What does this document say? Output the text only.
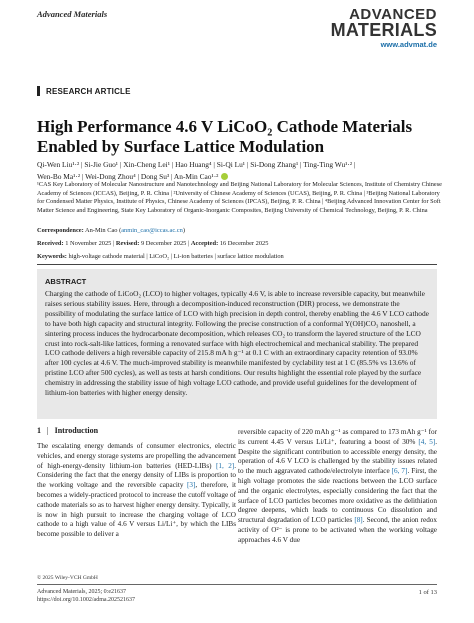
Advanced Materials	ADVANCED
MATERIALS
www.advmat.de
RESEARCH ARTICLE
High Performance 4.6 V LiCoO₂ Cathode Materials Enabled by Surface Lattice Modulation
Qi-Wen Liu¹·² | Si-Jie Guo¹ | Xin-Cheng Lei¹ | Hao Huang⁴ | Si-Qi Lu¹ | Si-Dong Zhang¹ | Ting-Ting Wu¹·² |
Wen-Bo Ma¹·² | Wei-Dong Zhou⁴ | Dong Su³ | An-Min Cao¹·²
¹CAS Key Laboratory of Molecular Nanostructure and Nanotechnology and Beijing National Laboratory for Molecular Sciences, Institute of Chemistry Chinese Academy of Sciences (ICCAS), Beijing, P. R. China | ²University of Chinese Academy of Sciences (UCAS), Beijing, P. R. China | ³Beijing National Laboratory for Condensed Matter Physics, Institute of Physics, Chinese Academy of Sciences (IPCAS), Beijing, P. R. China | ⁴Beijing Advanced Innovation Center for Soft Matter Science and Engineering, State Key Laboratory of Organic-Inorganic Composites, Beijing University of Chemical Technology, Beijing, P. R. China
Correspondence: An-Min Cao (anmin_cao@iccas.ac.cn)
Received: 1 November 2025 | Revised: 9 December 2025 | Accepted: 16 December 2025
Keywords: high-voltage cathode material | LiCoO₂ | Li-ion batteries | surface lattice modulation
ABSTRACT
Charging the cathode of LiCoO₂ (LCO) to higher voltages, typically 4.6 V, is able to increase reversible capacity, but meanwhile raises serious stability issues. Here, through a decomposition-induced reconstruction (DIR) process, we demonstrate the possibility of modulating the surface lattice of LCO with high precision in depth control, thereby enabling the 4.6 V LCO cathode to have both high capacity and structural integrity. Following the precise construction of a conformal Y(OH)CO₃ nanoshell, a sintering process induces the hydrocarbonate decomposition, which releases CO₂ to transform the layered structure of the LCO crust into rock-salt-like lattices, forming a renovated surface with high electrochemical and mechanical stability. The prepared LCO cathode delivers a high reversible capacity of 215.8 mA h g⁻¹ at 0.1 C with an extraordinary capacity retention of 93.0% after 100 cycles at 4.6 V. The much-improved stability is meanwhile manifested by cyclability test at 1 C (85.5% vs 13.6% of pristine LCO after 500 cycles), as well as tests at harsh conditions. Our results highlight the essential role played by the surface chemistry in addressing the stability issue of high voltage LCO cathode, and provide useful guidelines for the development of lithium-ion batteries with higher energy density.
1 | Introduction
The escalating energy demands of consumer electronics, electric vehicles, and energy storage systems are propelling the advancement of high-energy-density lithium-ion batteries (HED-LIBs) [1, 2]. Considering the fact that the energy density of LIBs is proportion to the working voltage and the reversible capacity [3], therefore, it becomes a widely-practiced protocol to increase the cutoff voltage of cathode materials so as to harvest higher energy density. Typically, it is now in high pursuit to increase the charging voltage of LCO cathode to a high value of 4.6 V versus Li/Li⁺, by which the LIBs become possible to deliver a
reversible capacity of 220 mAh g⁻¹ as compared to 173 mAh g⁻¹ for its current 4.45 V versus Li/Li⁺, featuring a boost of 30% [4, 5]. Despite the significant contribution to accessible energy density, the operation of 4.6 V LCO is challenged by the stability issues related to the much aggravated cathode/electrolyte interface [6, 7]. First, the high voltage promotes the side reactions between the LCO surface and the organic electrolytes, especially considering the fact that the surface of LCO particles becomes more oxidative as the delithiation degree deepens, which leads to continuous Co dissolution and structural degradation of LCO particles [8]. Second, the anion redox activity of O²⁻ is prone to be activated when the working voltage approaches 4.6 V due
© 2025 Wiley-VCH GmbH
Advanced Materials, 2025; 0:e21637
https://doi.org/10.1002/adma.202521637
1 of 13
